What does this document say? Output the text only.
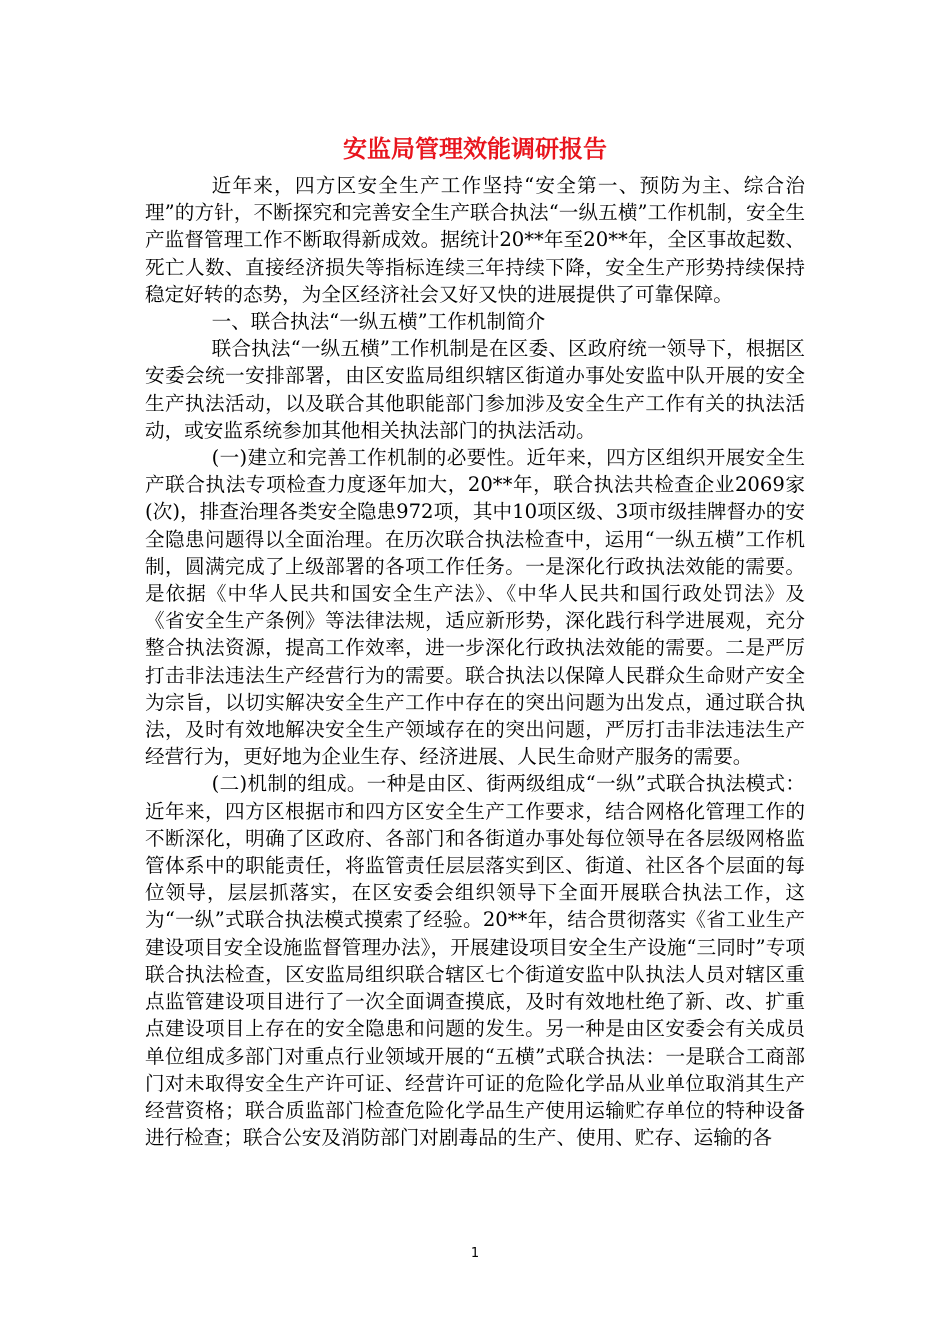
安监局管理效能调研报告

近年来，四方区安全生产工作坚持“安全第一、预防为主、综合治理”的方针，不断探究和完善安全生产联合执法“一纵五横”工作机制，安全生产监督管理工作不断取得新成效。据统计20**年至20**年，全区事故起数、死亡人数、直接经济损失等指标连续三年持续下降，安全生产形势持续保持稳定好转的态势，为全区经济社会又好又快的进展提供了可靠保障。

一、联合执法“一纵五横”工作机制简介

联合执法“一纵五横”工作机制是在区委、区政府统一领导下，根据区安委会统一安排部署，由区安监局组织辖区街道办事处安监中队开展的安全生产执法活动，以及联合其他职能部门参加涉及安全生产工作有关的执法活动，或安监系统参加其他相关执法部门的执法活动。

(一)建立和完善工作机制的必要性。近年来，四方区组织开展安全生产联合执法专项检查力度逐年加大，20**年，联合执法共检查企业2069家(次)，排查治理各类安全隐患972项，其中10项区级、3项市级挂牌督办的安全隐患问题得以全面治理。在历次联合执法检查中，运用“一纵五横”工作机制，圆满完成了上级部署的各项工作任务。一是深化行政执法效能的需要。是依据《中华人民共和国安全生产法》、《中华人民共和国行政处罚法》及《省安全生产条例》等法律法规，适应新形势，深化践行科学进展观，充分整合执法资源，提高工作效率，进一步深化行政执法效能的需要。二是严厉打击非法违法生产经营行为的需要。联合执法以保障人民群众生命财产安全为宗旨，以切实解决安全生产工作中存在的突出问题为出发点，通过联合执法，及时有效地解决安全生产领域存在的突出问题，严厉打击非法违法生产经营行为，更好地为企业生存、经济进展、人民生命财产服务的需要。

(二)机制的组成。一种是由区、街两级组成“一纵”式联合执法模式：近年来，四方区根据市和四方区安全生产工作要求，结合网格化管理工作的不断深化，明确了区政府、各部门和各街道办事处每位领导在各层级网格监管体系中的职能责任，将监管责任层层落实到区、街道、社区各个层面的每位领导，层层抓落实，在区安委会组织领导下全面开展联合执法工作，这为“一纵”式联合执法模式摸索了经验。20**年，结合贯彻落实《省工业生产建设项目安全设施监督管理办法》，开展建设项目安全生产设施“三同时”专项联合执法检查，区安监局组织联合辖区七个街道安监中队执法人员对辖区重点监管建设项目进行了一次全面调查摸底，及时有效地杜绝了新、改、扩重点建设项目上存在的安全隐患和问题的发生。另一种是由区安委会有关成员单位组成多部门对重点行业领域开展的“五横”式联合执法：一是联合工商部门对未取得安全生产许可证、经营许可证的危险化学品从业单位取消其生产经营资格；联合质监部门检查危险化学品生产使用运输贮存单位的特种设备进行检查；联合公安及消防部门对剧毒品的生产、使用、贮存、运输的各

1
